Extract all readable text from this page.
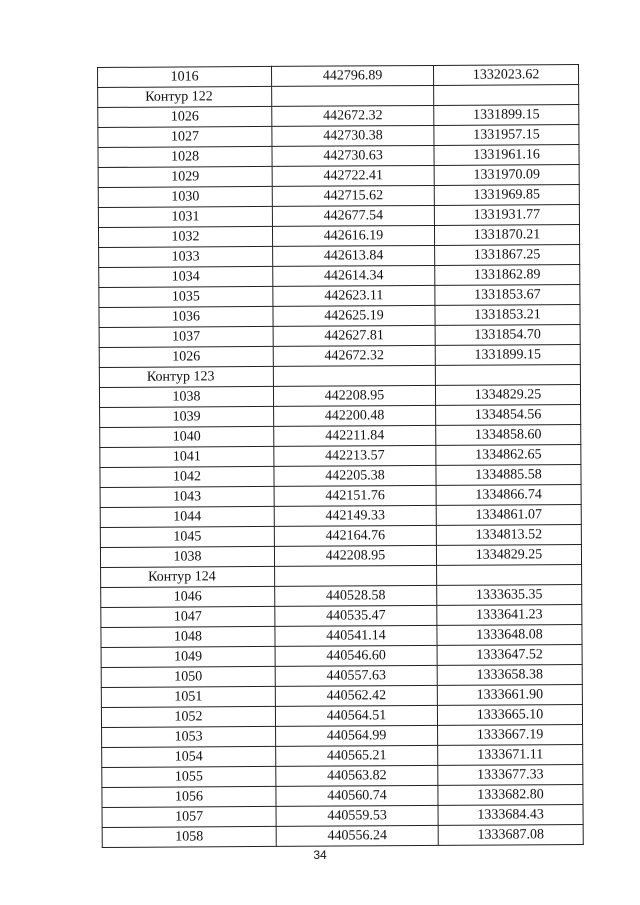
1016	442796.89	1332023.62
Контур 122		
1026	442672.32	1331899.15
1027	442730.38	1331957.15
1028	442730.63	1331961.16
1029	442722.41	1331970.09
1030	442715.62	1331969.85
1031	442677.54	1331931.77
1032	442616.19	1331870.21
1033	442613.84	1331867.25
1034	442614.34	1331862.89
1035	442623.11	1331853.67
1036	442625.19	1331853.21
1037	442627.81	1331854.70
1026	442672.32	1331899.15
Контур 123		
1038	442208.95	1334829.25
1039	442200.48	1334854.56
1040	442211.84	1334858.60
1041	442213.57	1334862.65
1042	442205.38	1334885.58
1043	442151.76	1334866.74
1044	442149.33	1334861.07
1045	442164.76	1334813.52
1038	442208.95	1334829.25
Контур 124		
1046	440528.58	1333635.35
1047	440535.47	1333641.23
1048	440541.14	1333648.08
1049	440546.60	1333647.52
1050	440557.63	1333658.38
1051	440562.42	1333661.90
1052	440564.51	1333665.10
1053	440564.99	1333667.19
1054	440565.21	1333671.11
1055	440563.82	1333677.33
1056	440560.74	1333682.80
1057	440559.53	1333684.43
1058	440556.24	1333687.08
34
